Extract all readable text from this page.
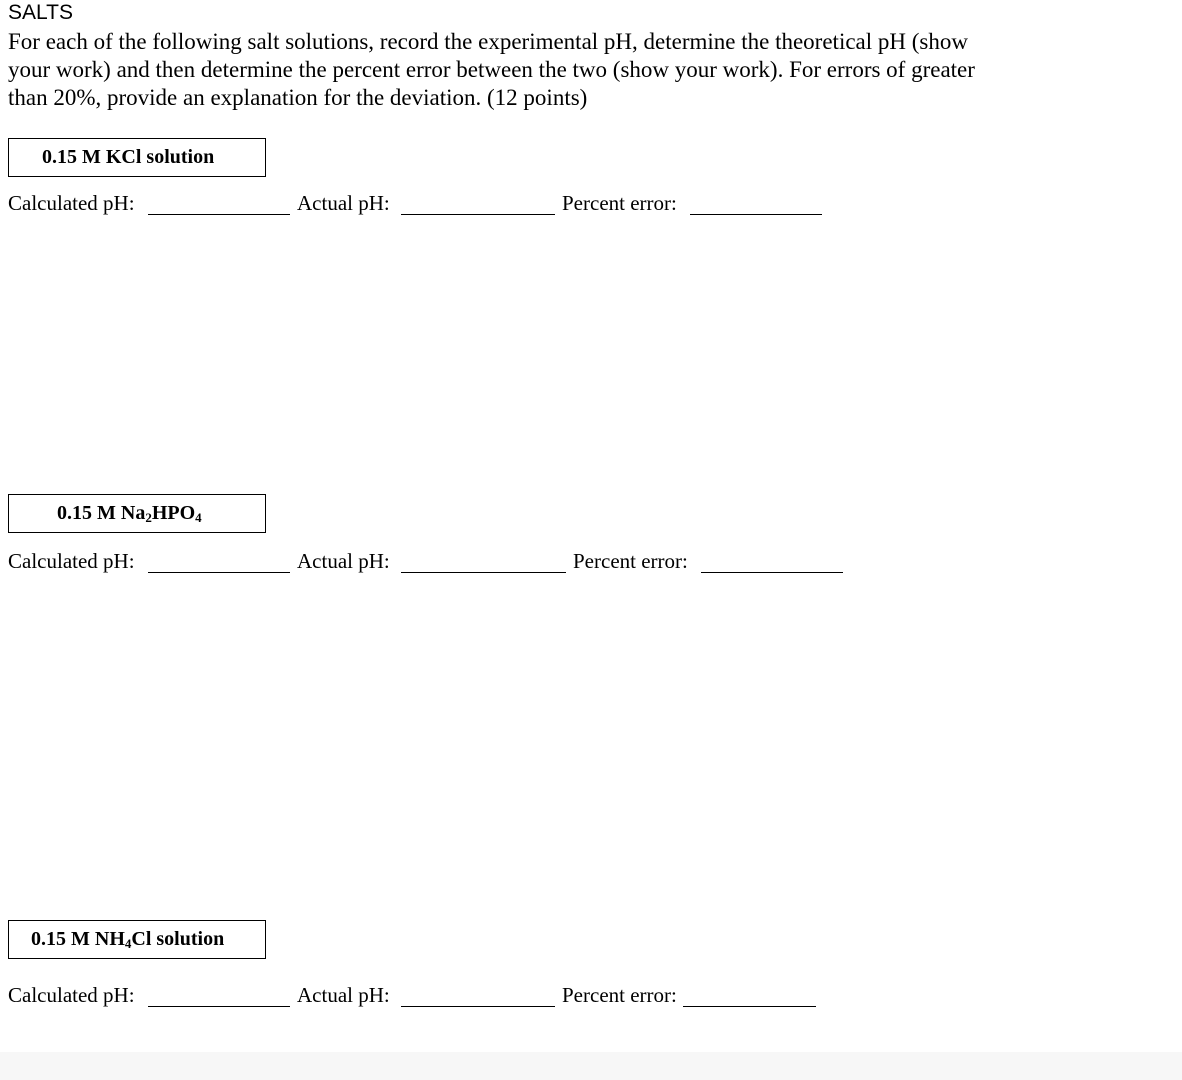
SALTS
For each of the following salt solutions, record the experimental pH, determine the theoretical pH (show
your work) and then determine the percent error between the two (show your work). For errors of greater
than 20%, provide an explanation for the deviation. (12 points)
0.15 M KCl solution
Calculated pH:	Actual pH:	Percent error:
0.15 M $Na_2HPO_4$
Calculated pH:	Actual pH:	Percent error:
0.15 M $NH_4Cl$ solution
Calculated pH:	Actual pH:	Percent error:
